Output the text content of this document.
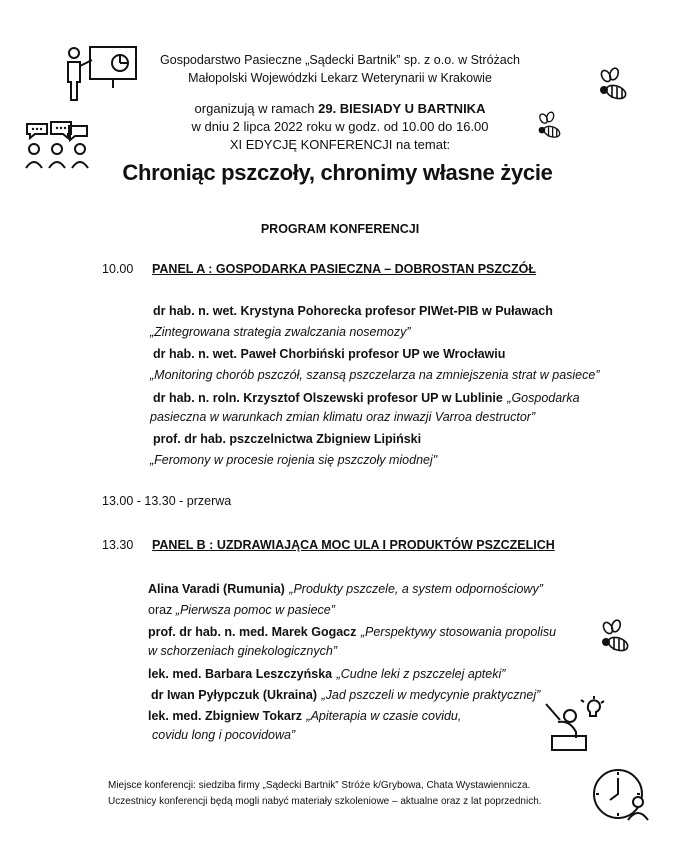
Gospodarstwo Pasieczne „Sądecki Bartnik” sp. z o.o. w Stróżach
Małopolski Wojewódzki Lekarz Weterynarii w Krakowie
organizują w ramach 29. BIESIADY U BARTNIKA
w dniu 2 lipca 2022 roku w godz. od 10.00 do 16.00
XI EDYCJĘ KONFERENCJI na temat:
Chroniąc pszczoły, chronimy własne życie
PROGRAM KONFERENCJI
10.00 PANEL A : GOSPODARKA PASIECZNA – DOBROSTAN PSZCZÓŁ
dr hab. n. wet. Krystyna Pohorecka profesor PIWet-PIB w Puławach
„Zintegrowana strategia zwalczania nosemozy”
dr hab. n. wet. Paweł Chorbiński profesor UP we Wrocławiu
„Monitoring chorób pszczół, szansą pszczelarza na zmniejszenia strat w pasiece”
dr hab. n. roln. Krzysztof Olszewski profesor UP w Lublinie „Gospodarka
pasieczna w warunkach zmian klimatu oraz inwazji Varroa destructor”
prof. dr hab. pszczelnictwa Zbigniew Lipiński
„Feromony w procesie rojenia się pszczoły miodnej"
13.00 - 13.30 - przerwa
13.30 PANEL B : UZDRAWIAJĄCA MOC ULA I PRODUKTÓW PSZCZELICH
Alina Varadi (Rumunia) „Produkty pszczele, a system odpornościowy”
oraz „Pierwsza pomoc w pasiece”
prof. dr hab. n. med. Marek Gogacz „Perspektywy stosowania propolisu
w schorzeniach ginekologicznych”
lek. med. Barbara Leszczyńska „Cudne leki z pszczelej apteki”
dr Iwan Pyłypczuk (Ukraina) „Jad pszczeli w medycynie praktycznej”
lek. med. Zbigniew Tokarz „Apiterapia w czasie covidu,
covidu long i pocovidowa”
Miejsce konferencji: siedziba firmy „Sądecki Bartnik” Stróże k/Grybowa, Chata Wystawiennicza.
Uczestnicy konferencji będą mogli nabyć materiały szkoleniowe – aktualne oraz z lat poprzednich.
